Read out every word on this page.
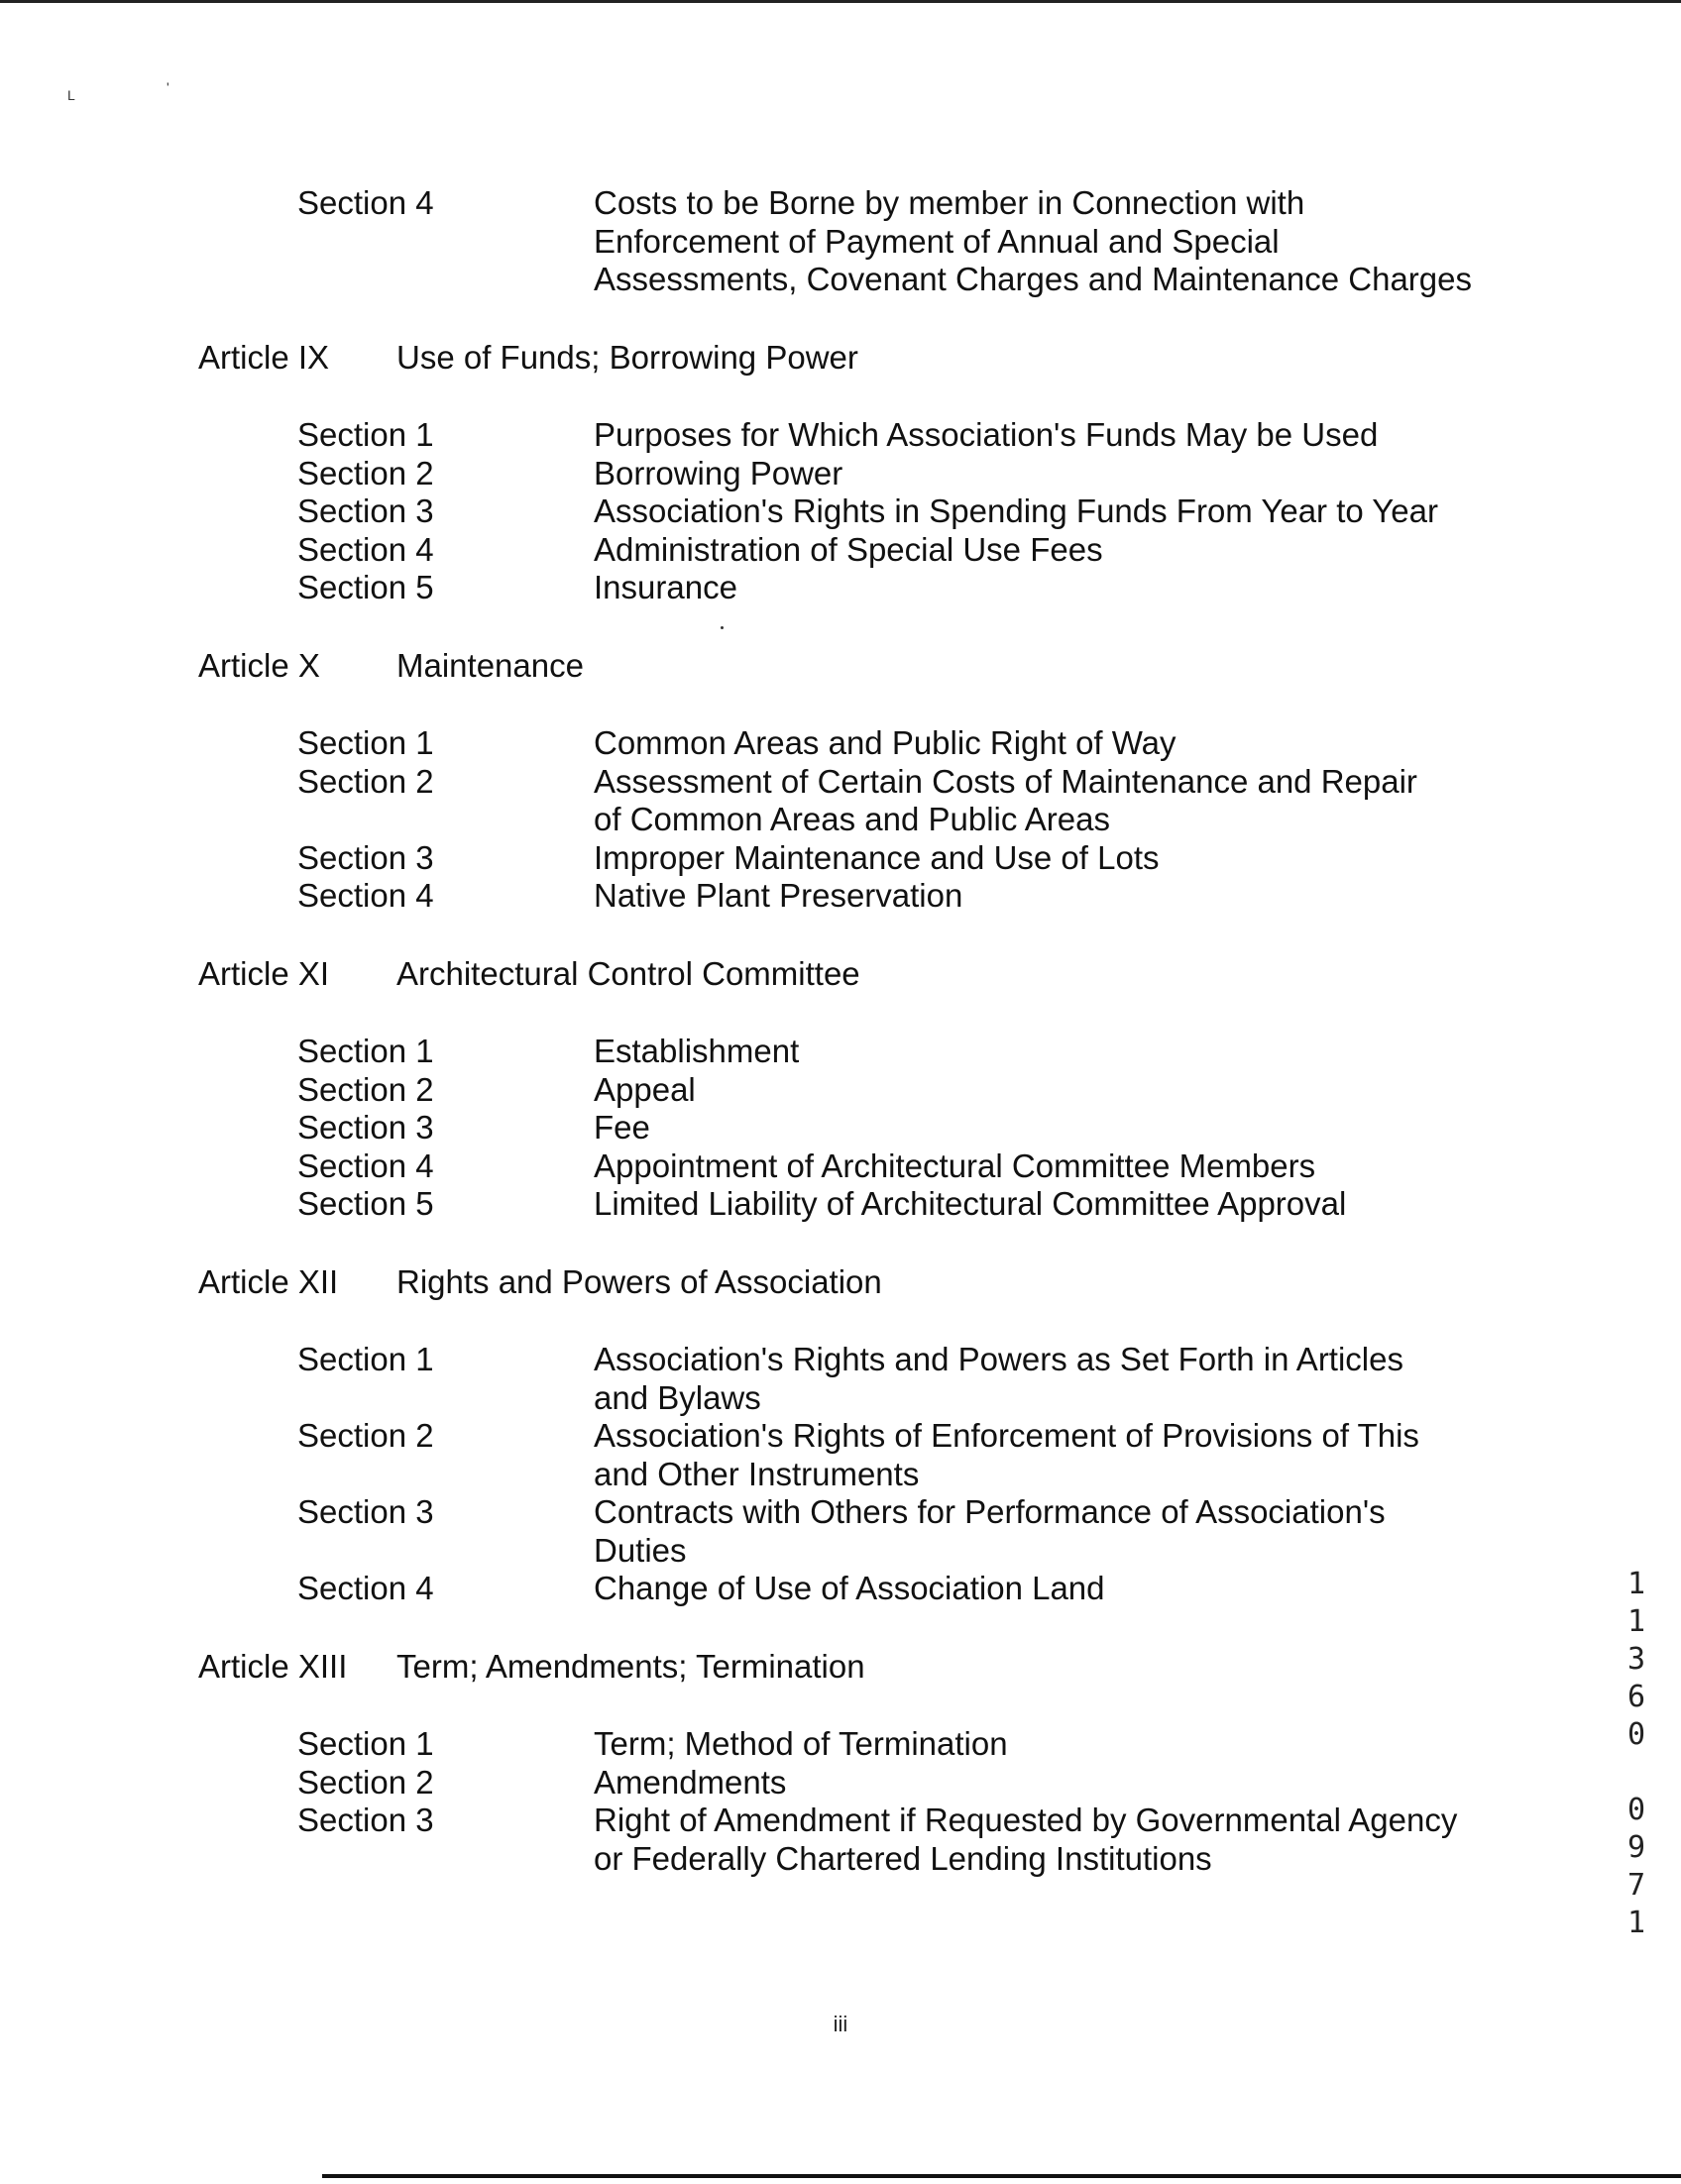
L	'
Section 4	Costs to be Borne by member in Connection with
Enforcement of Payment of Annual and Special
Assessments, Covenant Charges and Maintenance Charges
Article IX Use of Funds; Borrowing Power
Section 1	Purposes for Which Association's Funds May be Used
Section 2	Borrowing Power
Section 3	Association's Rights in Spending Funds From Year to Year
Section 4	Administration of Special Use Fees
Section 5	Insurance
Article X Maintenance
Section 1	Common Areas and Public Right of Way
Section 2	Assessment of Certain Costs of Maintenance and Repair
of Common Areas and Public Areas
Section 3	Improper Maintenance and Use of Lots
Section 4	Native Plant Preservation
Article XI Architectural Control Committee
Section 1	Establishment
Section 2	Appeal
Section 3	Fee
Section 4	Appointment of Architectural Committee Members
Section 5	Limited Liability of Architectural Committee Approval
Article XII Rights and Powers of Association
Section 1	Association's Rights and Powers as Set Forth in Articles
and Bylaws
Section 2	Association's Rights of Enforcement of Provisions of This
and Other Instruments
Section 3	Contracts with Others for Performance of Association's
Duties
Section 4	Change of Use of Association Land
Article XIII Term; Amendments; Termination
Section 1	Term; Method of Termination
Section 2	Amendments
Section 3	Right of Amendment if Requested by Governmental Agency
or Federally Chartered Lending Institutions
1
1
3
6
0
0
9
7
1
iii
